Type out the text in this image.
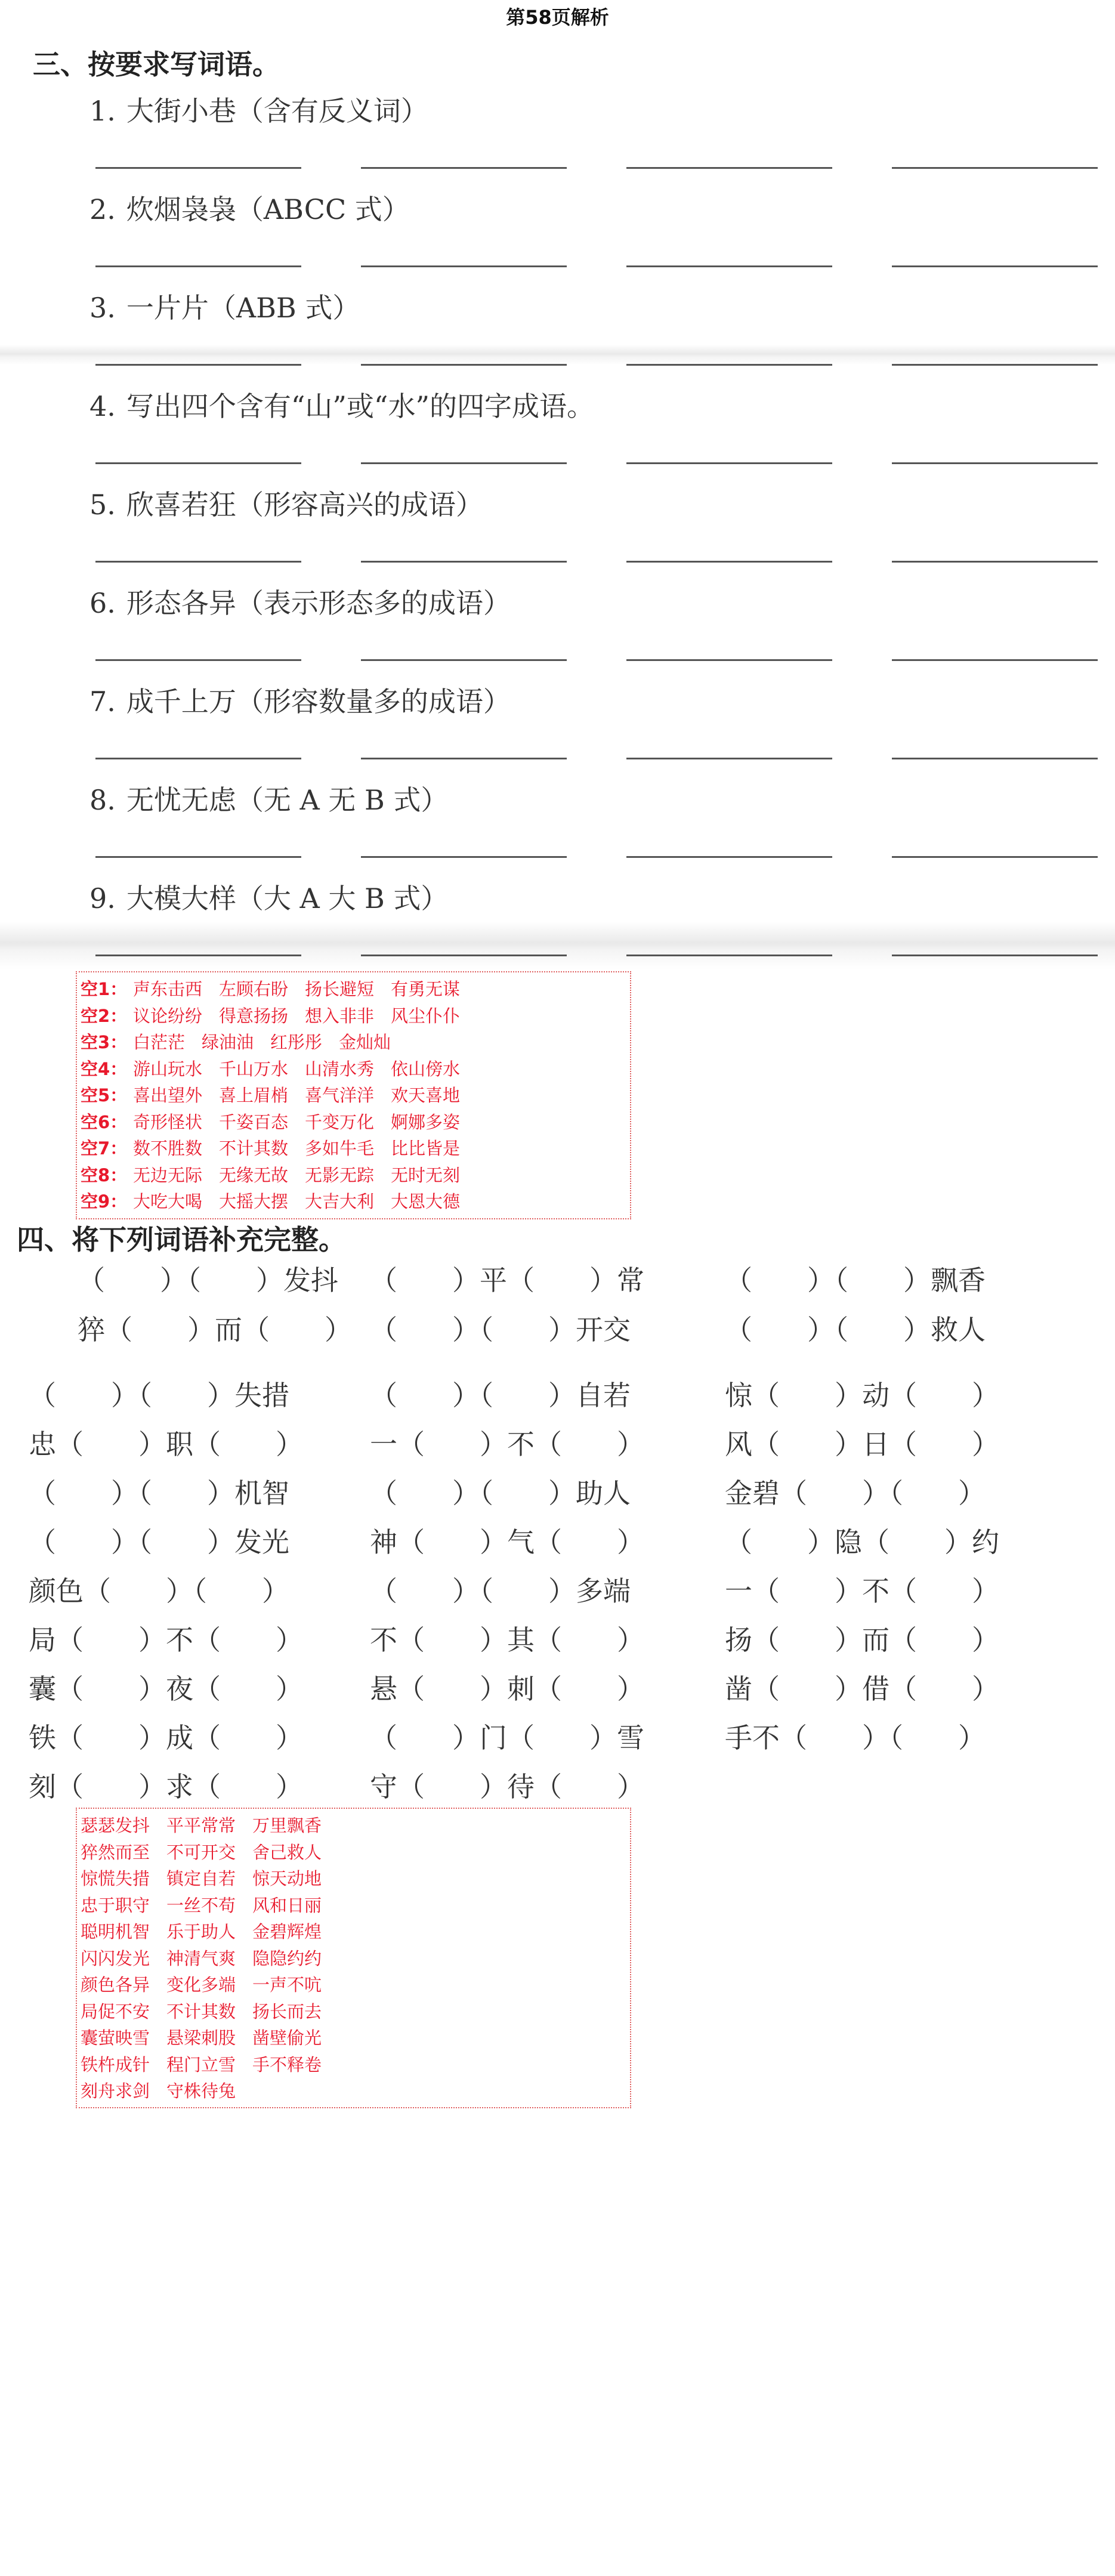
第58页解析
三、按要求写词语。
1. 大街小巷（含有反义词）
2. 炊烟袅袅（ABCC 式）
3. 一片片（ABB 式）
4. 写出四个含有“山”或“水”的四字成语。
5. 欣喜若狂（形容高兴的成语）
6. 形态各异（表示形态多的成语）
7. 成千上万（形容数量多的成语）
8. 无忧无虑（无 A 无 B 式）
9. 大模大样（大 A 大 B 式）
空1： 声东击西 左顾右盼 扬长避短 有勇无谋
空2： 议论纷纷 得意扬扬 想入非非 风尘仆仆
空3： 白茫茫 绿油油 红彤彤 金灿灿
空4： 游山玩水 千山万水 山清水秀 依山傍水
空5： 喜出望外 喜上眉梢 喜气洋洋 欢天喜地
空6： 奇形怪状 千姿百态 千变万化 婀娜多姿
空7： 数不胜数 不计其数 多如牛毛 比比皆是
空8： 无边无际 无缘无故 无影无踪 无时无刻
空9： 大吃大喝 大摇大摆 大吉大利 大恩大德
四、将下列词语补充完整。
（　　）（　　）发抖 （　　）平（　　）常	（　　）（　　）飘香
猝（　　）而（　　） （　　）（　　）开交	（　　）（　　）救人
（　　）（　　）失措	（　　）（　　）自若	惊（　　）动（　　）
忠（　　）职（　　） 一（　　）不（　　）	风（　　）日（　　）
（　　）（　　）机智	（　　）（　　）助人	金碧（　　）（　　）
（　　）（　　）发光	神（　　）气（　　）	（　　）隐（　　）约
颜色（　　）（　　）	（　　）（　　）多端	一（　　）不（　　）
局（　　）不（　　） 不（　　）其（　　）	扬（　　）而（　　）
囊（　　）夜（　　） 悬（　　）刺（　　）	凿（　　）借（　　）
铁（　　）成（　　） （　　）门（　　）雪	手不（　　）（　　）
刻（　　）求（　　） 守（　　）待（　　）
瑟瑟发抖 平平常常 万里飘香
猝然而至 不可开交 舍己救人
惊慌失措 镇定自若 惊天动地
忠于职守 一丝不苟 风和日丽
聪明机智 乐于助人 金碧辉煌
闪闪发光 神清气爽 隐隐约约
颜色各异 变化多端 一声不吭
局促不安 不计其数 扬长而去
囊萤映雪 悬梁刺股 凿壁偷光
铁杵成针 程门立雪 手不释卷
刻舟求剑 守株待兔
